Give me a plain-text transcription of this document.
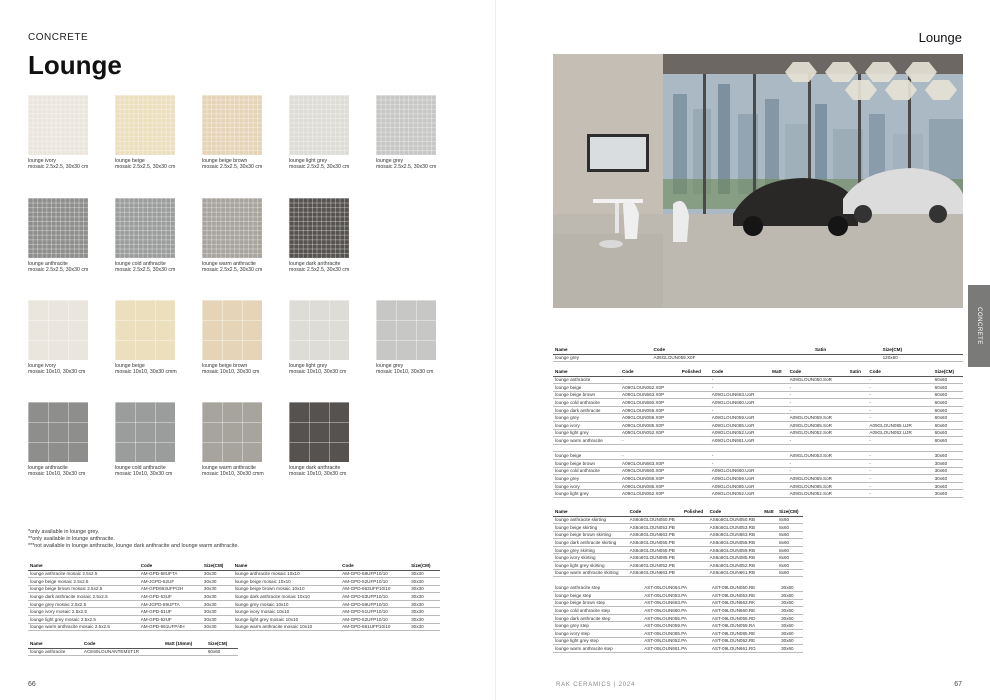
CONCRETE
Lounge
lounge ivory
mosaic 2.5x2.5, 30x30 cm
lounge beige
mosaic 2.5x2.5, 30x30 cm
lounge beige brown
mosaic 2.5x2.5, 30x30 cm
lounge light grey
mosaic 2.5x2.5, 30x30 cm
lounge grey
mosaic 2.5x2.5, 30x30 cm
lounge anthracite
mosaic 2.5x2.5, 30x30 cm
lounge cold anthracite
mosaic 2.5x2.5, 30x30 cm
lounge warm anthracite
mosaic 2.5x2.5, 30x30 cm
lounge dark anthracite
mosaic 2.5x2.5, 30x30 cm
lounge ivory
mosaic 10x10, 30x30 cm
lounge beige
mosaic 10x10, 30x30 cmm
lounge beige brown
mosaic 10x10, 30x30 cm
lounge light grey
mosaic 10x10, 30x30 cm
lounge grey
mosaic 10x10, 30x30 cm
lounge anthracite
mosaic 10x10, 30x30 cm
lounge cold anthracite
mosaic 10x10, 30x30 cm
lounge warm anthracite
mosaic 10x10, 30x30 cmm
lounge dark anthracite
mosaic 10x10, 30x30 cm
*only available in lounge grey.
**only available in lounge anthracite.
***not available in lounge anthracite, lounge dark anthracite and lounge warm anthracite.
Name	Code	Size(CM)	Name	Code	Size(CM)
lounge anthracite mosaic 2.5x2.5	AM-GPD-58UFTA	30x30	lounge anthracite mosaic 10x10	AM-GPD-58UFP10/10	30x30
lounge beige mosaic 2.5x2.5	AM-JGPD-52UF	30x30	lounge beige mosaic 10x10	AM-GPD-52UFP10/10	30x30
lounge beige brown mosaic 2.5x2.5	AM-GPD663UFP/2H	30x30	lounge beige brown mosaic 10x10	AM-GPD-663UFP10/10	30x30
lounge dark anthracite mosaic 2.5x2.5	AM-GPD-53UF	30x30	lounge dark anthracite mosaic 10x10	AM-GPD-53UFP10/10	30x30
lounge grey mosaic 2.5x2.5	AM-JGPD-59UFTA	30x30	lounge grey mosaic 10x10	AM-GPD-59UFP10/10	30x30
lounge ivory mosaic 2.5x2.5	AM-GPD-51UF	30x30	lounge ivory mosaic 10x10	AM-GPD-51UFP10/10	30x30
lounge light grey mosaic 2.5x2.5	AM-GPD-52UF	30x30	lounge light grey mosaic 10x10	AM-GPD-52UFP10/10	30x30
lounge warm anthracite mosaic 2.5x2.5	AM-GPD-661UFP/4H	30x30	lounge warm anthracite mosaic 10x10	AM-GPD-661UFP10/10	30x30
Name	Code	Matt (15mm)	Size(CM)
lounge anthracite	ACE60LOUNANTEMST1R		60x60
66
Lounge
Name	Code	Satin		Size(CM)
lounge grey	A06GLOUN059.X0F			120x60
Name	Code	Polished	Code	Matt	Code	Satin	Code		Size(CM)
lounge anthracite	-		-		A09GLOUN050.SoR		-		60x60
lounge beige	A09GLOUN052.X0P		-		-		-		60x60
lounge beige brown	A09GLOUN663.X0P		A09GLOUN663.UoR		-		-		60x60
lounge cold anthracite	A09GLOUN660.X0P		A09GLOUN660.UoR		-		-		60x60
lounge dark anthracite	A09GLOUN055.X0P		-		-		-		60x60
lounge grey	A09GLOUN059.X0P		A09GLOUN059.UoR		A09GLOUN059.SoR		-		60x60
lounge ivory	A09GLOUN085.X0P		A09GLOUN085.UoR		A09GLOUN085.SoR		A09GLOUN085.UJR		60x60
lounge light grey	A09GLOUN052.X0P		A09GLOUN052.UoR		A09GLOUN052.SoR		A09GLOUN052.UJR		60x60
lounge warm anthracite	-		A09GLOUN661.UoR		-		-		60x60

lounge beige	-		-		A09GLOUN053.SoR		-		30x60
lounge beige brown	A09GLOUN663.X0P		-		-		-		30x60
lounge cold anthracite	A09GLOUN660.X0P		A09GLOUN660.UoR		-		-		30x60
lounge grey	A09GLOUN059.X0P		A09GLOUN059.UoR		A09GLOUN059.SoR		-		30x60
lounge ivory	A09GLOUN085.X0P		A09GLOUN085.UoR		A09GLOUN085.SoR		-		30x60
lounge light grey	A09GLOUN052.X0P		A09GLOUN052.UoR		A09GLOUN052.SoR		-		30x60
Name	Code	Polished	Code	Matt	Size(CM)
lounge anthracite skirting	AS6o8GLOUN050.PB		AS6o8GLOUN050.RB		8x60
lounge beige skirting	AS6o8GLOUN053.PB		AS6o8GLOUN053.RB		8x60
lounge beige brown skirting	AS6o8GLOUN663.PB		AS6o8GLOUN663.RB		8x60
lounge dark anthracite skirting	AS6o8GLOUN055.PB		AS6o8GLOUN055.RB		8x60
lounge grey skirting	AS6o8GLOUN059.PB		AS6o8GLOUN059.RB		8x60
lounge ivory skirting	AS6o8GLOUN085.PB		AS6o8GLOUN085.RB		8x60
lounge light grey skirting	AS6o8GLOUN052.PB		AS6o8GLOUN052.RB		8x60
lounge warm anthracite skirting	AS6o8GLOUN663.PB		AS6o8GLOUN661.RB		8x60
lounge anthracite step	AST-09LOUN054.PA	AST-09LOUN050.RE	30x60
lounge beige step	AST-09LOUN053.PA	AST-09LOUN053.RE	30x60
lounge beige brown step	AST-09LOUN663.PA	AST-09LOUN663.RK	30x60
lounge cold anthracite step	AST-09LOUN660.PA	AST-09LOUN660.RE	30x60
lounge dark anthracite step	AST-09LOUN055.PA	AST-09LOUN055.RD	30x60
lounge grey step	AST-09LOUN059.PA	AST-09LOUN059.RA	30x60
lounge ivory step	AST-09LOUN085.PA	AST-09LOUN085.RE	30x60
lounge light grey step	AST-09LOUN052.PA	AST-09LOUN052.RE	30x60
lounge warm anthracite step	AST-09LOUN661.PA	AST-09LOUN661.RG	30x60
RAK CERAMICS | 2024	67
CONCRETE
